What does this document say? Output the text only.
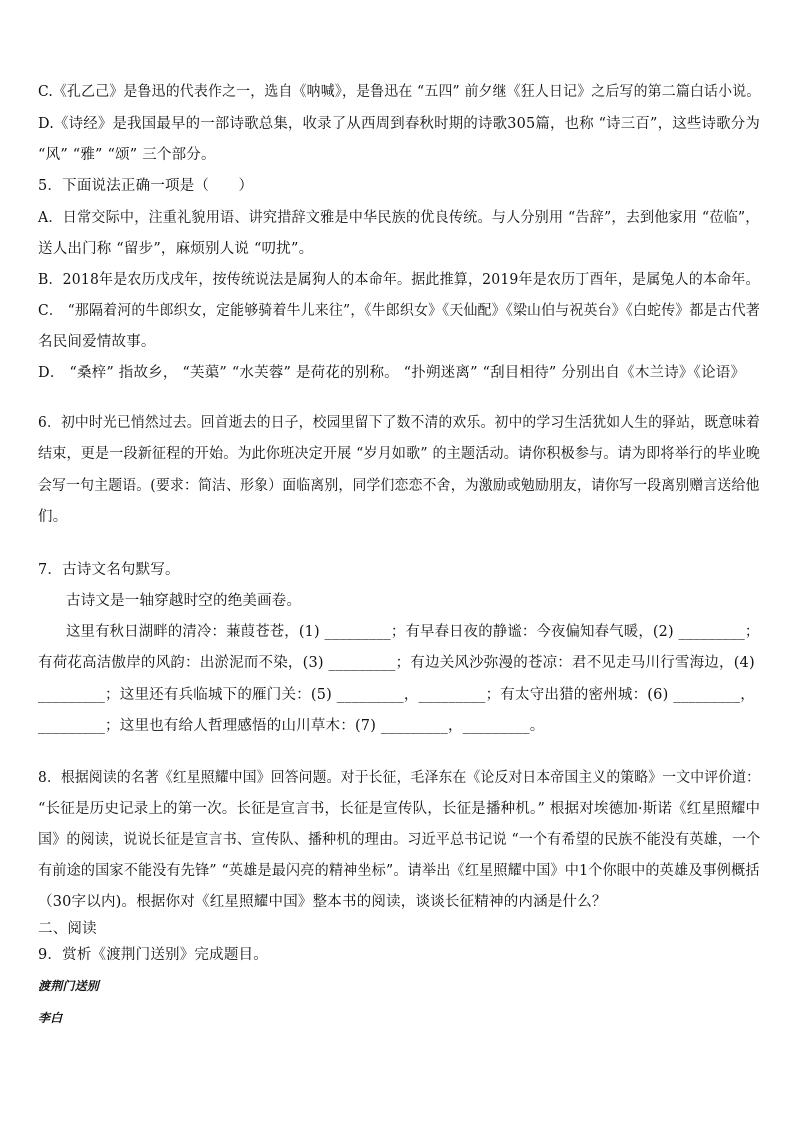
C.《孔乙己》是鲁迅的代表作之一，选自《呐喊》，是鲁迅在 “五四” 前夕继《狂人日记》之后写的第二篇白话小说。
D.《诗经》是我国最早的一部诗歌总集，收录了从西周到春秋时期的诗歌305篇，也称 “诗三百”，这些诗歌分为
“风” “雅” “颂” 三个部分。
5．下面说法正确一项是（　　）
A．日常交际中，注重礼貌用语、讲究措辞文雅是中华民族的优良传统。与人分别用 “告辞”，去到他家用 “莅临”，
送人出门称 “留步”，麻烦别人说 “叨扰”。
B．2018年是农历戊戌年，按传统说法是属狗人的本命年。据此推算，2019年是农历丁酉年，是属兔人的本命年。
C． “那隔着河的牛郎织女，定能够骑着牛儿来往”，《牛郎织女》《天仙配》《梁山伯与祝英台》《白蛇传》都是古代著
名民间爱情故事。
D． “桑梓” 指故乡， “芙蕖” “水芙蓉” 是荷花的别称。 “扑朔迷离” “刮目相待” 分别出自《木兰诗》《论语》
6．初中时光已悄然过去。回首逝去的日子，校园里留下了数不清的欢乐。初中的学习生活犹如人生的驿站，既意味着
结束，更是一段新征程的开始。为此你班决定开展 “岁月如歌” 的主题活动。请你积极参与。请为即将举行的毕业晚
会写一句主题语。(要求：简洁、形象）面临离别，同学们恋恋不舍，为激励或勉励朋友，请你写一段离别赠言送给他
们。
7．古诗文名句默写。
古诗文是一轴穿越时空的绝美画卷。
这里有秋日湖畔的清冷：蒹葭苍苍，(1) _________；有早春日夜的静谧：今夜偏知春气暖，(2) _________；
有荷花高洁傲岸的风韵：出淤泥而不染，(3) _________；有边关风沙弥漫的苍凉：君不见走马川行雪海边，(4)
_________；这里还有兵临城下的雁门关：(5) _________，_________；有太守出猎的密州城：(6) _________，
_________；这里也有给人哲理感悟的山川草木：(7) _________，_________。
8．根据阅读的名著《红星照耀中国》回答问题。对于长征，毛泽东在《论反对日本帝国主义的策略》一文中评价道：
“长征是历史记录上的第一次。长征是宣言书，长征是宣传队，长征是播种机。” 根据对埃德加·斯诺《红星照耀中
国》的阅读，说说长征是宣言书、宣传队、播种机的理由。习近平总书记说 “一个有希望的民族不能没有英雄，一个
有前途的国家不能没有先锋” “英雄是最闪亮的精神坐标”。请举出《红星照耀中国》中1个你眼中的英雄及事例概括
（30字以内)。根据你对《红星照耀中国》整本书的阅读，谈谈长征精神的内涵是什么？
二、阅读
9．赏析《渡荆门送别》完成题目。
渡荆门送别
李白
